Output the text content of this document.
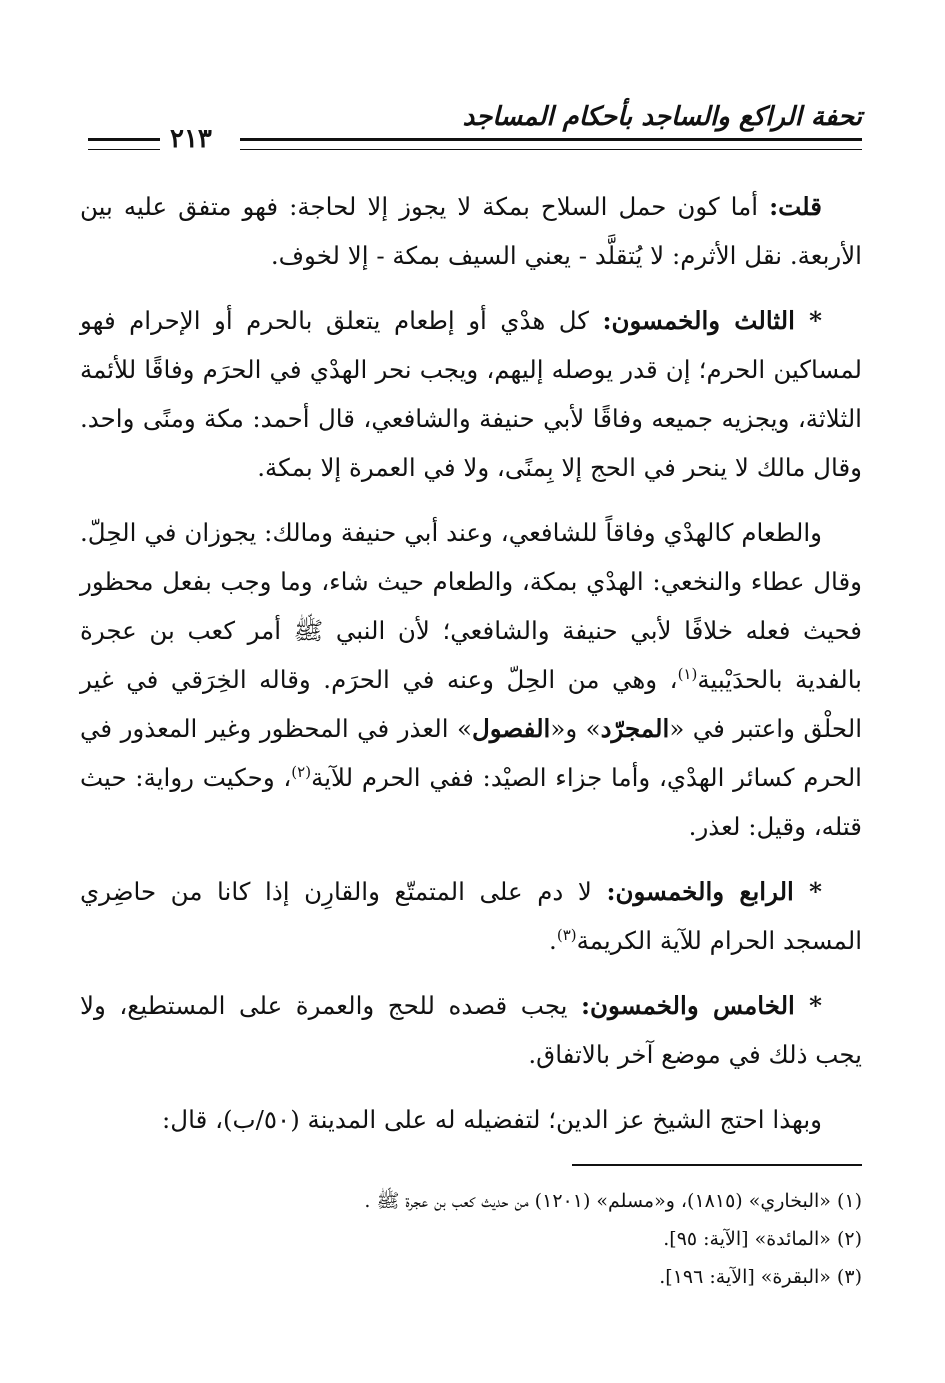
تحفة الراكع والساجد بأحكام المساجد
٢١٣

قلت: أما كون حمل السلاح بمكة لا يجوز إلا لحاجة: فهو متفق عليه بين الأربعة. نقل الأثرم: لا يُتقلَّد - يعني السيف بمكة - إلا لخوف.

* الثالث والخمسون: كل هدْي أو إطعام يتعلق بالحرم أو الإحرام فهو لمساكين الحرم؛ إن قدر يوصله إليهم، ويجب نحر الهدْي في الحرَم وفاقًا للأئمة الثلاثة، ويجزيه جميعه وفاقًا لأبي حنيفة والشافعي، قال أحمد: مكة ومنًى واحد. وقال مالك لا ينحر في الحج إلا بِمنًى، ولا في العمرة إلا بمكة.

والطعام كالهدْي وفاقاً للشافعي، وعند أبي حنيفة ومالك: يجوزان في الحِلّ. وقال عطاء والنخعي: الهدْي بمكة، والطعام حيث شاء، وما وجب بفعل محظور فحيث فعله خلافًا لأبي حنيفة والشافعي؛ لأن النبي ﷺ أمر كعب بن عجرة بالفدية بالحدَيْبية$^{(١)}$، وهي من الحِلّ وعنه في الحرَم. وقاله الخِرَقي في غير الحلْق واعتبر في «المجرّد» و«الفصول» العذر في المحظور وغير المعذور في الحرم كسائر الهدْي، وأما جزاء الصيْد: ففي الحرم للآية$^{(٢)}$، وحكيت رواية: حيث قتله، وقيل: لعذر.

* الرابع والخمسون: لا دم على المتمتّع والقارِن إذا كانا من حاضِري المسجد الحرام للآية الكريمة$^{(٣)}$.

* الخامس والخمسون: يجب قصده للحج والعمرة على المستطيع، ولا يجب ذلك في موضع آخر بالاتفاق.

وبهذا احتج الشيخ عز الدين؛ لتفضيله له على المدينة (٥٠/ب)، قال:

(١) «البخاري» (١٨١٥)، و«مسلم» (١٢٠١) من حديث كعب بن عجرة ﷺ .

(٢) «المائدة» [الآية: ٩٥].

(٣) «البقرة» [الآية: ١٩٦].
